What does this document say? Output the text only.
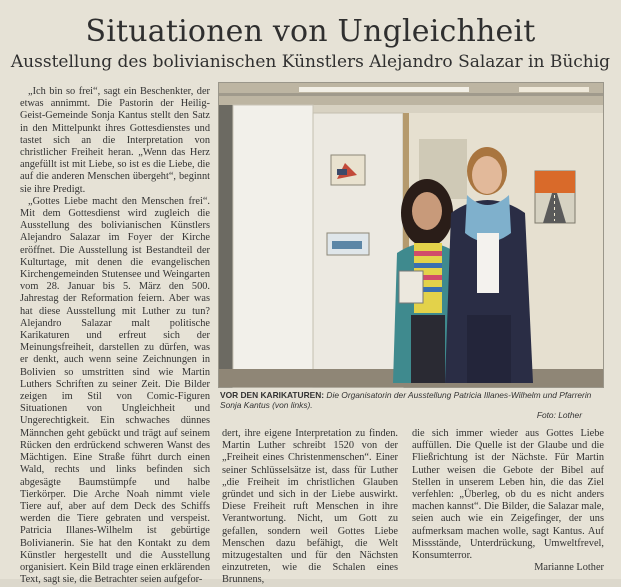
Situationen von Ungleichheit
Ausstellung des bolivianischen Künstlers Alejandro Salazar in Büchig

„Ich bin so frei“, sagt ein Beschenkter, der etwas annimmt. Die Pastorin der Heilig-Geist-Gemeinde Sonja Kantus stellt den Satz in den Mittelpunkt ihres Gottesdienstes und tastet sich an die Interpretation von christlicher Freiheit heran. „Wenn das Herz angefüllt ist mit Liebe, so ist es die Liebe, die auf die anderen Menschen übergeht“, beginnt sie ihre Predigt.

„Gottes Liebe macht den Menschen frei“. Mit dem Gottesdienst wird zugleich die Ausstellung des bolivianischen Künstlers Alejandro Salazar im Foyer der Kirche eröffnet. Die Ausstellung ist Bestandteil der Kulturtage, mit denen die evangelischen Kirchengemeinden Stutensee und Weingarten vom 28. Januar bis 5. März den 500. Jahrestag der Reformation feiern. Aber was hat diese Ausstellung mit Luther zu tun? Alejandro Salazar malt politische Karikaturen und erfreut sich der Meinungsfreiheit, darstellen zu dürfen, was er denkt, auch wenn seine Zeichnungen in Bolivien so umstritten sind wie Martin Luthers Schriften zu seiner Zeit. Die Bilder zeigen im Stil von Comic-Figuren Situationen von Ungleichheit und Ungerechtigkeit. Ein schwaches dünnes Männchen geht gebückt und trägt auf seinem Rücken den erdrückend schweren Wanst des Mächtigen. Eine Straße führt durch einen Wald, rechts und links befinden sich abgesägte Baumstümpfe und halbe Tierkörper. Die Arche Noah nimmt viele Tiere auf, aber auf dem Deck des Schiffs werden die Tiere gebraten und verspeist. Patricia Illanes-Wilhelm ist gebürtige Bolivianerin. Sie hat den Kontakt zu dem Künstler hergestellt und die Ausstellung organisiert. Kein Bild trage einen erklärenden Text, sagt sie, die Betrachter seien aufgefor-

VOR DEN KARIKATUREN: Die Organisatorin der Ausstellung Patricia Illanes-Wilhelm und Pfarrerin Sonja Kantus (von links).
Foto: Lother

dert, ihre eigene Interpretation zu finden. Martin Luther schreibt 1520 von der „Freiheit eines Christenmenschen“. Einer seiner Schlüsselsätze ist, dass für Luther „die Freiheit im christlichen Glauben gründet und sich in der Liebe auswirkt. Diese Freiheit ruft Menschen in ihre Verantwortung. Nicht, um Gott zu gefallen, sondern weil Gottes Liebe Menschen dazu befähigt, die Welt mitzugestalten und für den Nächsten einzutreten, wie die Schalen eines Brunnens,

die sich immer wieder aus Gottes Liebe auffüllen. Die Quelle ist der Glaube und die Fließrichtung ist der Nächste. Für Martin Luther weisen die Gebote der Bibel auf Stellen in unserem Leben hin, die das Ziel verfehlen: „Überleg, ob du es nicht anders machen kannst“. Die Bilder, die Salazar male, seien auch wie ein Zeigefinger, der uns aufmerksam machen wolle, sagt Kantus. Auf Missstände, Unterdrückung, Umweltfrevel, Konsumterror.

Marianne Lother
